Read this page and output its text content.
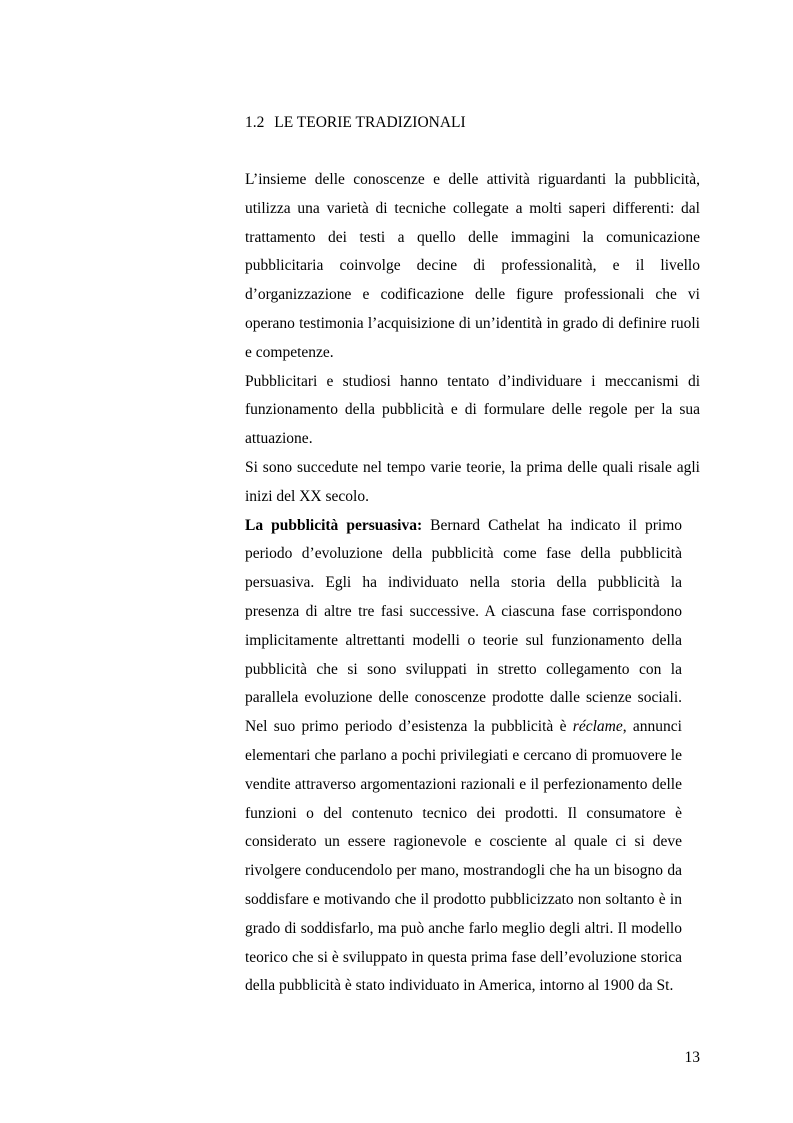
1.2 LE TEORIE TRADIZIONALI

L’insieme delle conoscenze e delle attività riguardanti la pubblicità, utilizza una varietà di tecniche collegate a molti saperi differenti: dal trattamento dei testi a quello delle immagini la comunicazione pubblicitaria coinvolge decine di professionalità, e il livello d’organizzazione e codificazione delle figure professionali che vi operano testimonia l’acquisizione di un’identità in grado di definire ruoli e competenze.

Pubblicitari e studiosi hanno tentato d’individuare i meccanismi di funzionamento della pubblicità e di formulare delle regole per la sua attuazione.

Si sono succedute nel tempo varie teorie, la prima delle quali risale agli inizi del XX secolo.

La pubblicità persuasiva: Bernard Cathelat ha indicato il primo periodo d’evoluzione della pubblicità come fase della pubblicità persuasiva. Egli ha individuato nella storia della pubblicità la presenza di altre tre fasi successive. A ciascuna fase corrispondono implicitamente altrettanti modelli o teorie sul funzionamento della pubblicità che si sono sviluppati in stretto collegamento con la parallela evoluzione delle conoscenze prodotte dalle scienze sociali. Nel suo primo periodo d’esistenza la pubblicità è réclame, annunci elementari che parlano a pochi privilegiati e cercano di promuovere le vendite attraverso argomentazioni razionali e il perfezionamento delle funzioni o del contenuto tecnico dei prodotti. Il consumatore è considerato un essere ragionevole e cosciente al quale ci si deve rivolgere conducendolo per mano, mostrandogli che ha un bisogno da soddisfare e motivando che il prodotto pubblicizzato non soltanto è in grado di soddisfarlo, ma può anche farlo meglio degli altri. Il modello teorico che si è sviluppato in questa prima fase dell’evoluzione storica della pubblicità è stato individuato in America, intorno al 1900 da St.

13
